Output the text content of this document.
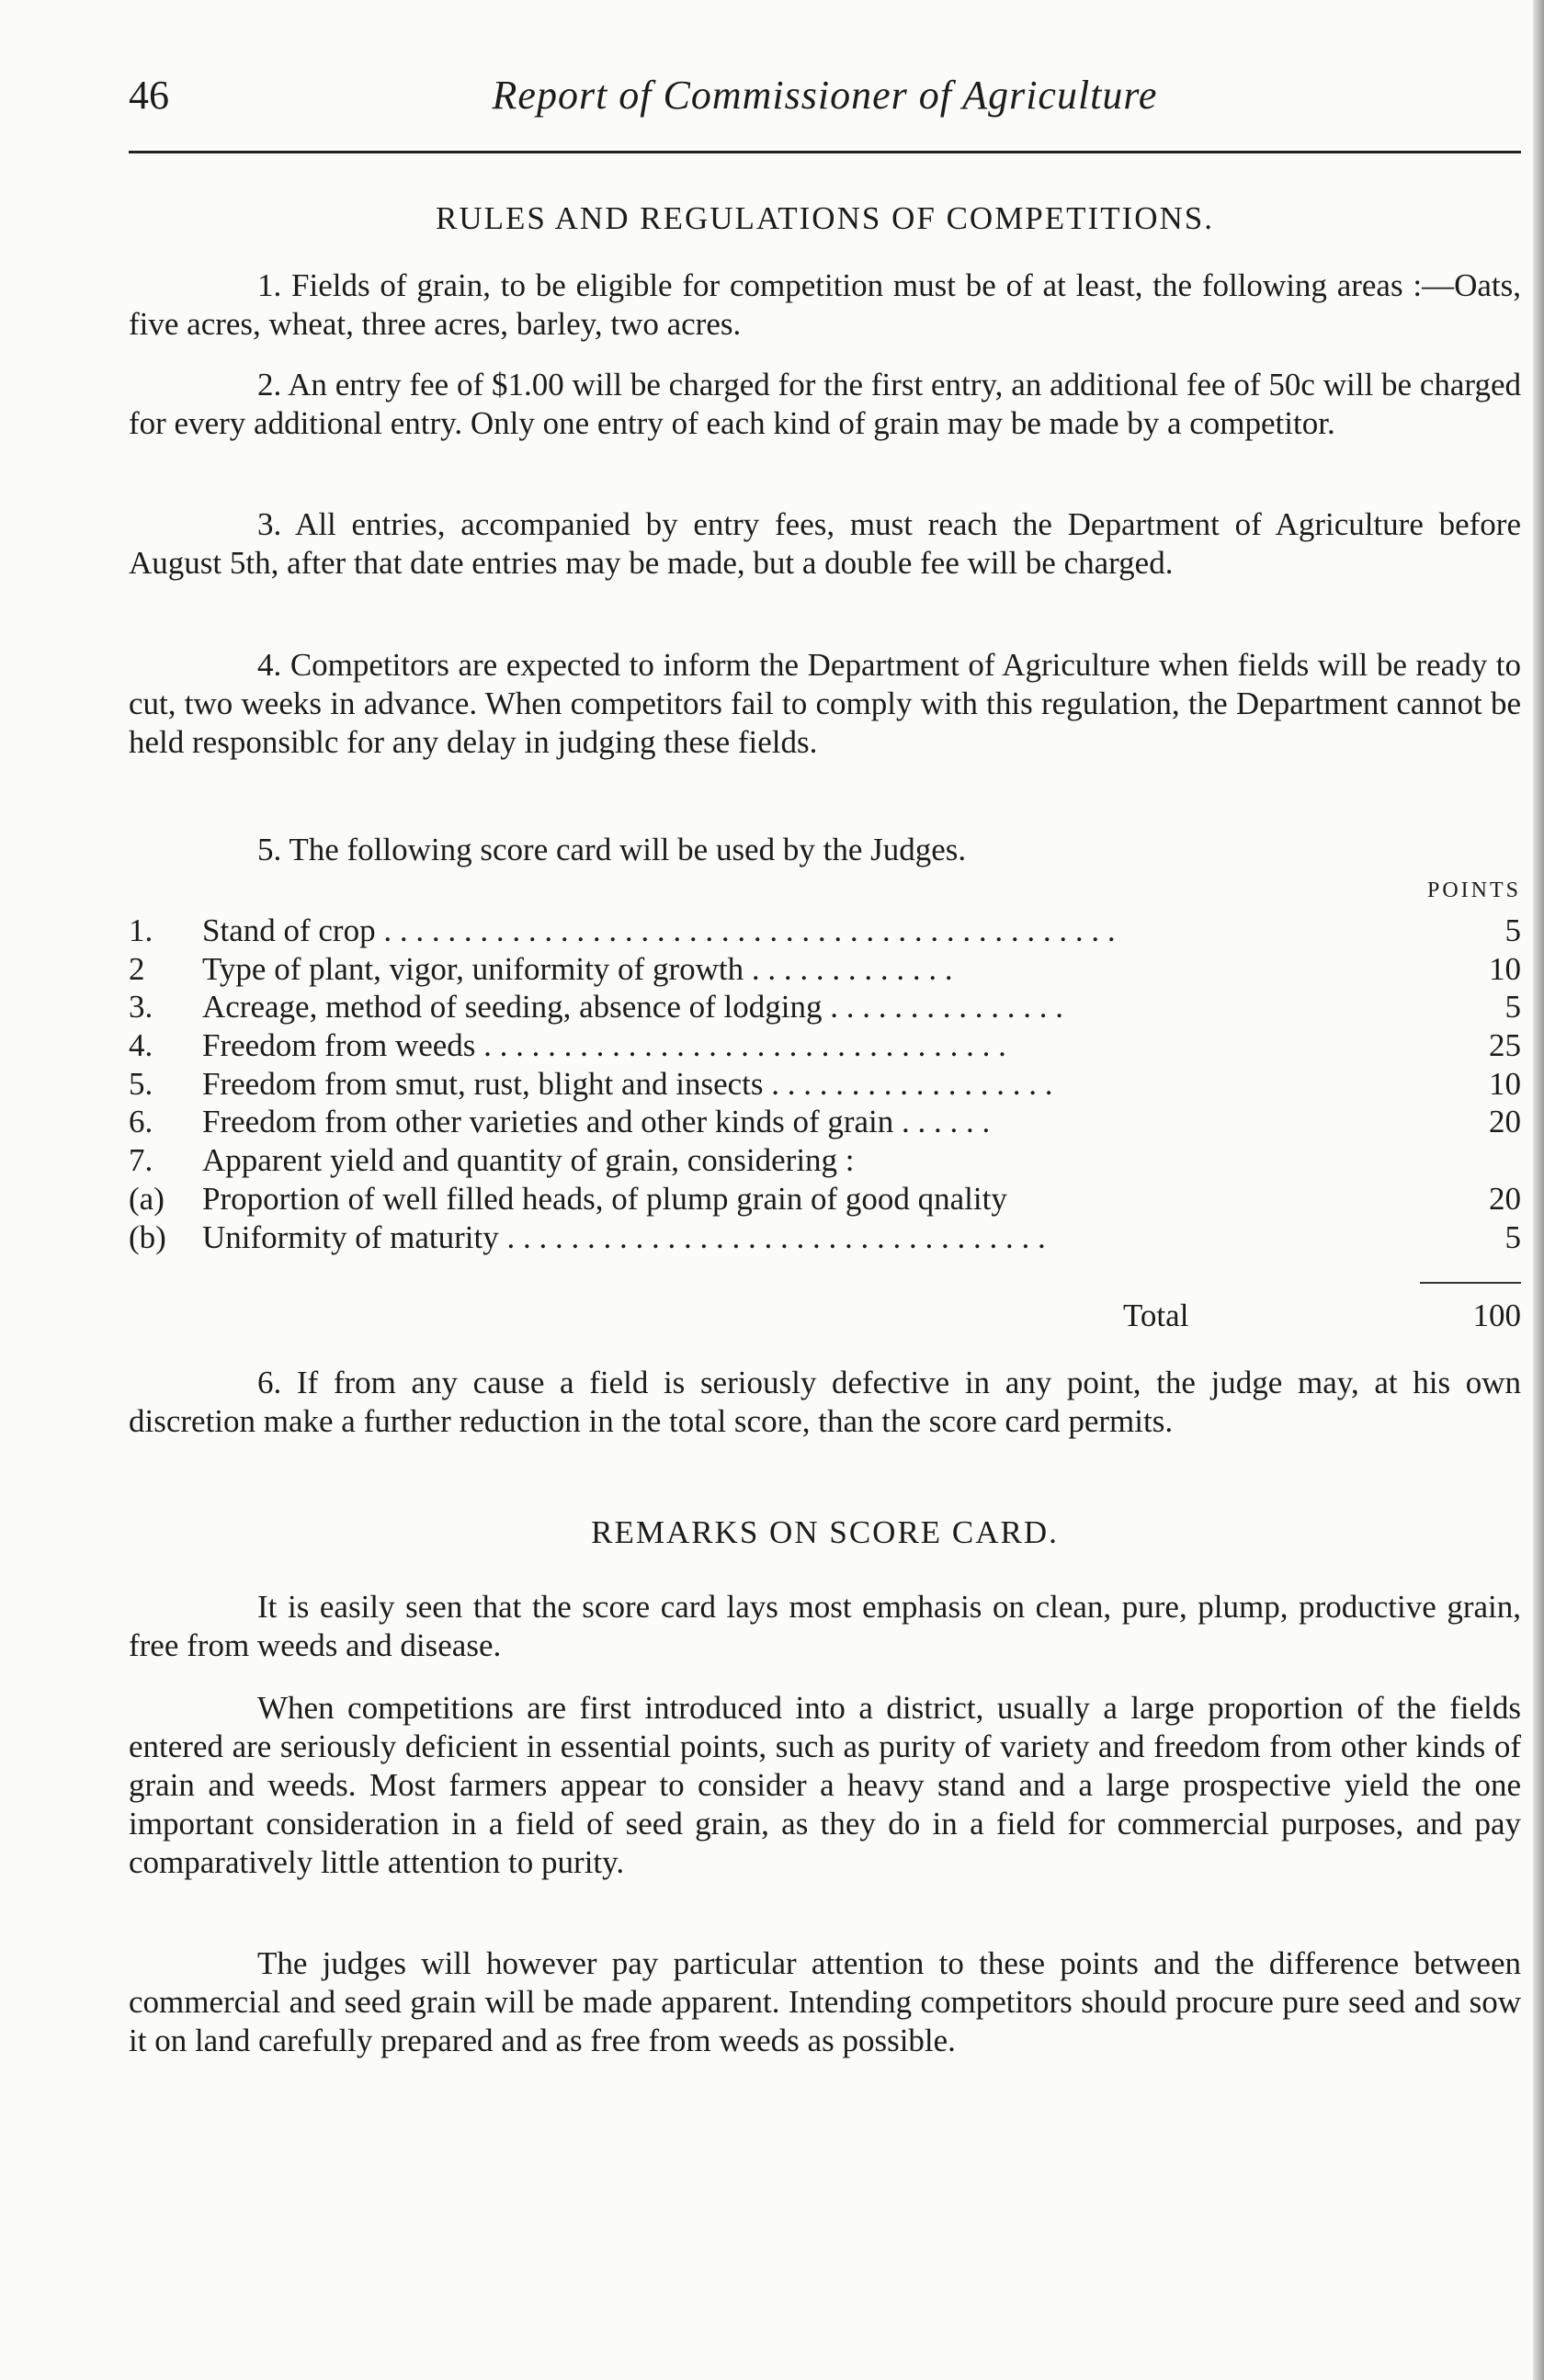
46	Report of Commissioner of Agriculture
RULES AND REGULATIONS OF COMPETITIONS.

1. Fields of grain, to be eligible for competition must be of at least, the following areas :—Oats, five acres, wheat, three acres, barley, two acres.

2. An entry fee of $1.00 will be charged for the first entry, an additional fee of 50c will be charged for every additional entry. Only one entry of each kind of grain may be made by a competitor.

3. All entries, accompanied by entry fees, must reach the Department of Agriculture before August 5th, after that date entries may be made, but a double fee will be charged.

4. Competitors are expected to inform the Department of Agriculture when fields will be ready to cut, two weeks in advance. When competitors fail to comply with this regulation, the Department cannot be held responsiblc for any delay in judging these fields.

5. The following score card will be used by the Judges.

POINTS
1.	Stand of crop . . . . . . . . . . . . . . . . . . . . . . . . . . . . . . . . . . . . . . . . . . . . . .	5
2	Type of plant, vigor, uniformity of growth . . . . . . . . . . . . .	10
3.	Acreage, method of seeding, absence of lodging . . . . . . . . . . . . . . .	5
4.	Freedom from weeds . . . . . . . . . . . . . . . . . . . . . . . . . . . . . . . . .	25
5.	Freedom from smut, rust, blight and insects . . . . . . . . . . . . . . . . . .	10
6.	Freedom from other varieties and other kinds of grain . . . . . .	20
7.	Apparent yield and quantity of grain, considering :
(a)	Proportion of well filled heads, of plump grain of good qnality	20
(b)	Uniformity of maturity . . . . . . . . . . . . . . . . . . . . . . . . . . . . . . . . . .	5
Total	100

6. If from any cause a field is seriously defective in any point, the judge may, at his own discretion make a further reduction in the total score, than the score card permits.

REMARKS ON SCORE CARD.

It is easily seen that the score card lays most emphasis on clean, pure, plump, productive grain, free from weeds and disease.

When competitions are first introduced into a district, usually a large proportion of the fields entered are seriously deficient in essential points, such as purity of variety and freedom from other kinds of grain and weeds. Most farmers appear to consider a heavy stand and a large prospective yield the one important consideration in a field of seed grain, as they do in a field for commercial purposes, and pay comparatively little attention to purity.

The judges will however pay particular attention to these points and the difference between commercial and seed grain will be made apparent. Intending competitors should procure pure seed and sow it on land carefully prepared and as free from weeds as possible.
